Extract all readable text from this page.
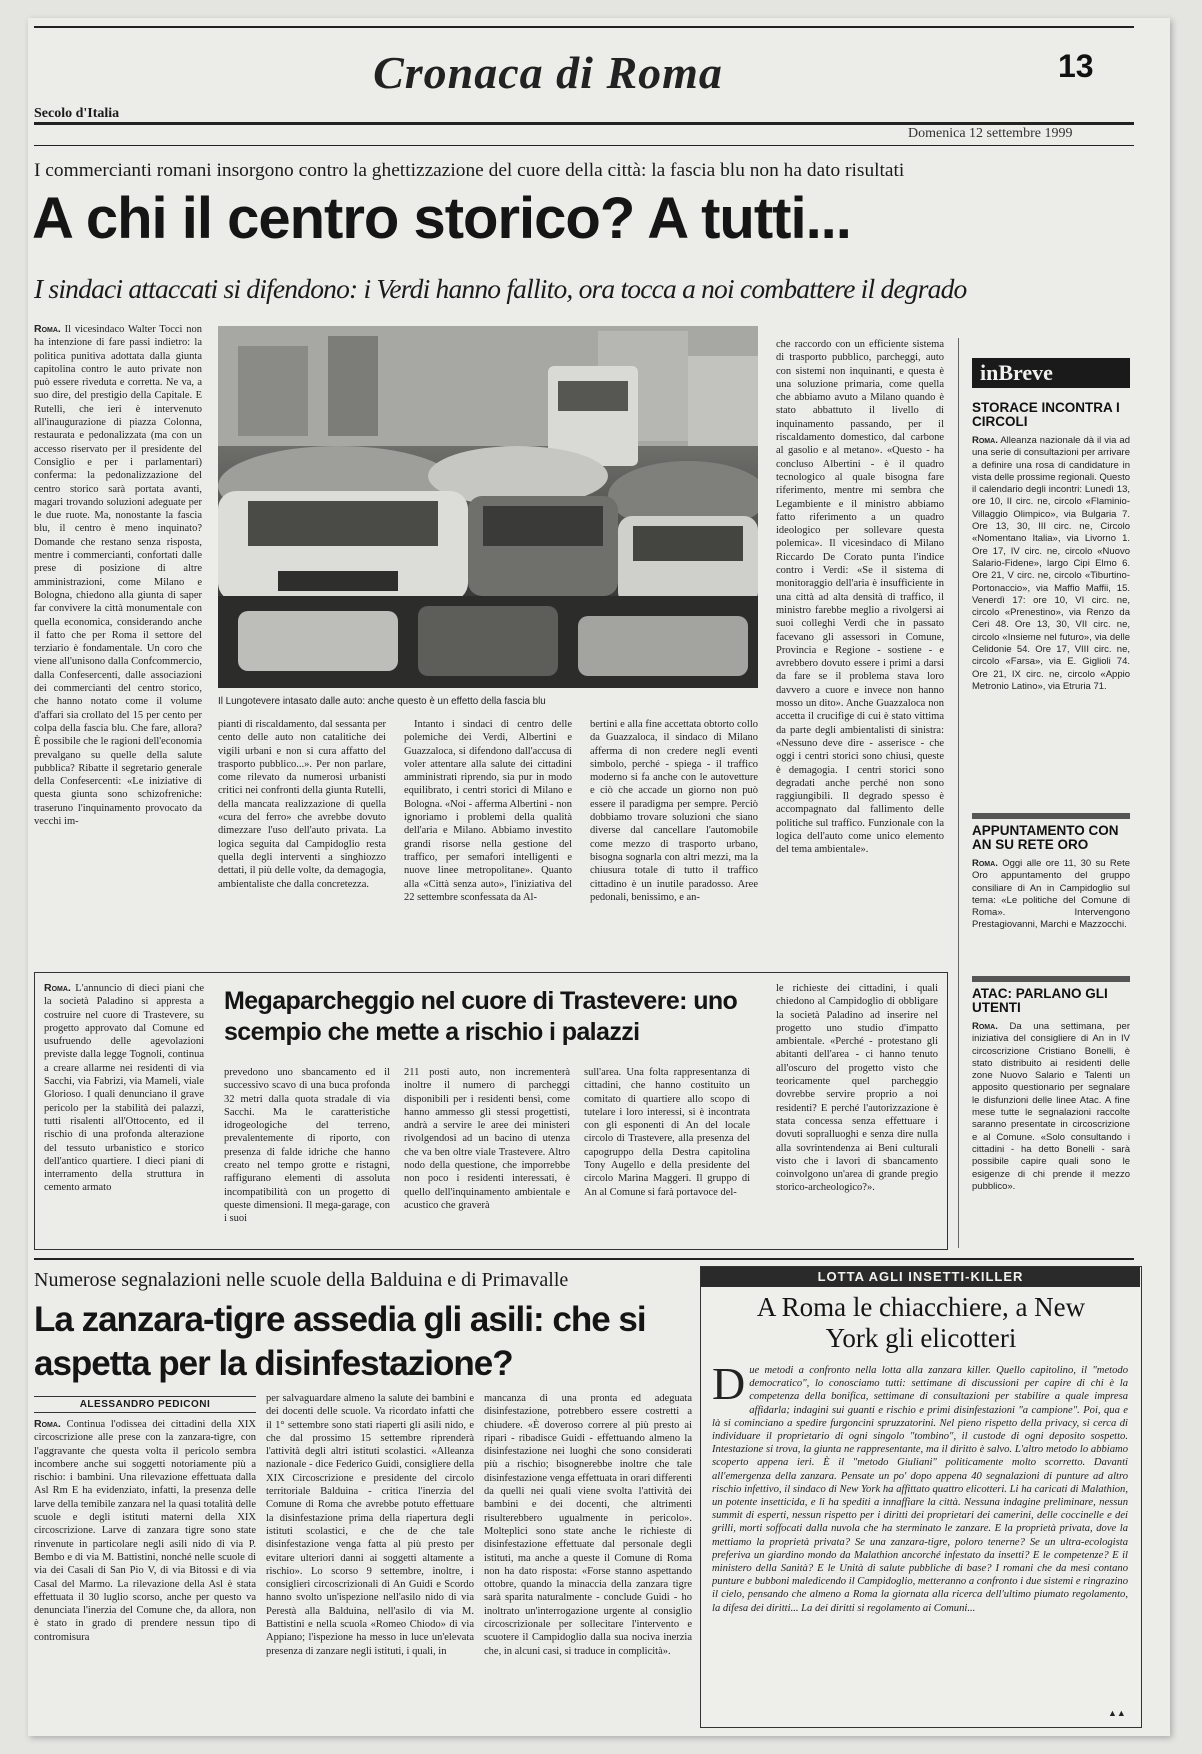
Cronaca di Roma	13
Secolo d'Italia
Domenica 12 settembre 1999
I commercianti romani insorgono contro la ghettizzazione del cuore della città: la fascia blu non ha dato risultati
A chi il centro storico? A tutti...
I sindaci attaccati si difendono: i Verdi hanno fallito, ora tocca a noi combattere il degrado

Roma. Il vicesindaco Walter Tocci non ha intenzione di fare passi indietro: la politica punitiva adottata dalla giunta capitolina contro le auto private non può essere rivedutа e corretta. Ne va, a suo dire, del prestigio della Capitale. E Rutelli, che ieri è intervenuto all'inaugurazione di piazza Colonna, restaurata e pedonalizzata (ma con un accesso riservato per il presidente del Consiglio e per i parlamentari) conferma: la pedonalizzazione del centro storico sarà portata avanti, magari trovando soluzioni adeguate per le due ruote. Ma, nonostante la fascia blu, il centro è meno inquinato? Domande che restano senza risposta, mentre i commercianti, confortati dalle prese di posizione di altre amministrazioni, come Milano e Bologna, chiedono alla giunta di saper far convivere la città monumentale con quella economica, considerando anche il fatto che per Roma il settore del terziario è fondamentale. Un coro che viene all'unisono dalla Confcommercio, dalla Confesercenti, dalle associazioni dei commercianti del centro storico, che hanno notato come il volume d'affari sia crollato del 15 per cento per colpa della fascia blu. Che fare, allora? È possibile che le ragioni dell'economia prevalgano su quelle della salute pubblica? Ribatte il segretario generale della Confesercenti: «Le iniziative di questa giunta sono schizofreniche: traseruno l'inquinamento provocato da vecchi im-

Il Lungotevere intasato dalle auto: anche questo è un effetto della fascia blu

pianti di riscaldamento, dal sessanta per cento delle auto non catalitiche dei vigili urbani e non si cura affatto del trasporto pubblico...». Per non parlare, come rilevato da numerosi urbanisti critici nei confronti della giunta Rutelli, della mancata realizzazione di quella «cura del ferro» che avrebbe dovuto dimezzare l'uso dell'auto privata. La logica seguita dal Campidoglio resta quella degli interventi a singhiozzo dettati, il più delle volte, da demagogia, ambientaliste che dalla concretezza.

Intanto i sindaci di centro delle polemiche dei Verdi, Albertini e Guazzaloca, si difendono dall'accusa di voler attentare alla salute dei cittadini amministrati riprendo, sia pur in modo equilibrato, i centri storici di Milano e Bologna. «Noi - afferma Albertini - non ignoriamo i problemi della qualità dell'aria e Milano. Abbiamo investito grandi risorse nella gestione del traffico, per semafori intelligenti e nuove linee metropolitane». Quanto alla «Città senza auto», l'iniziativa del 22 settembre sconfessata da Al-

bertini e alla fine accettata obtorto collo da Guazzaloca, il sindaco di Milano afferma di non credere negli eventi simbolo, perché - spiega - il traffico moderno si fa anche con le autovetture e ciò che accade un giorno non può essere il paradigma per sempre. Perciò dobbiamo trovare soluzioni che siano diverse dal cancellare l'automobile come mezzo di trasporto urbano, bisogna sognarla con altri mezzi, ma la chiusura totale di tutto il traffico cittadino è un inutile paradosso. Aree pedonali, benissimo, e an-

che raccordo con un efficiente sistema di trasporto pubblico, parcheggi, auto con sistemi non inquinanti, e questa è una soluzione primaria, come quella che abbiamo avuto a Milano quando è stato abbattuto il livello di inquinamento passando, per il riscaldamento domestico, dal carbone al gasolio e al metano». «Questo - ha concluso Albertini - è il quadro tecnologico al quale bisogna fare riferimento, mentre mi sembra che Legambiente e il ministro abbiamo fatto riferimento a un quadro ideologico per sollevare questa polemica». Il vicesindaco di Milano Riccardo De Corato punta l'indice contro i Verdi: «Se il sistema di monitoraggio dell'aria è insufficiente in una città ad alta densità di traffico, il ministro farebbe meglio a rivolgersi ai suoi colleghi Verdi che in passato facevano gli assessori in Comune, Provincia e Regione - sostiene - e avrebbero dovuto essere i primi a darsi da fare se il problema stava loro davvero a cuore e invece non hanno mosso un dito». Anche Guazzaloca non accetta il crucifige di cui è stato vittima da parte degli ambientalisti di sinistra: «Nessuno deve dire - asserisce - che oggi i centri storici sono chiusi, queste è demagogia. I centri storici sono degradati anche perché non sono raggiungibili. Il degrado spesso è accompagnato dal fallimento delle politiche sul traffico. Funzionale con la logica dell'auto come unico elemento del tema ambientale».

inBreve
STORACE INCONTRA I CIRCOLI
Roma. Alleanza nazionale dà il via ad una serie di consultazioni per arrivare a definire una rosa di candidature in vista delle prossime regionali. Questo il calendario degli incontri: Lunedì 13, ore 10, II circ. ne, circolo «Flaminio-Villaggio Olimpico», via Bulgaria 7. Ore 13, 30, III circ. ne, Circolo «Nomentano Italia», via Livorno 1. Ore 17, IV circ. ne, circolo «Nuovo Salario-Fidene», largo Cipi Elmo 6. Ore 21, V circ. ne, circolo «Tiburtino-Portonaccio», via Maffio Maffii, 15. Venerdì 17: ore 10, VI circ. ne, circolo «Prenestino», via Renzo da Ceri 48. Ore 13, 30, VII circ. ne, circolo «Insieme nel futuro», via delle Celidonie 54. Ore 17, VIII circ. ne, circolo «Farsa», via E. Giglioli 74. Ore 21, IX circ. ne, circolo «Appio Metronio Latino», via Etruria 71.
APPUNTAMENTO CON AN SU RETE ORO
Roma. Oggi alle ore 11, 30 su Rete Oro appuntamento del gruppo consiliare di An in Campidoglio sul tema: «Le politiche del Comune di Roma». Intervengono Prestagiovanni, Marchi e Mazzocchi.
ATAC: PARLANO GLI UTENTI
Roma. Da una settimana, per iniziativa del consigliere di An in IV circoscrizione Cristiano Bonelli, è stato distribuito ai residenti delle zone Nuovo Salario e Talenti un apposito questionario per segnalare le disfunzioni delle linee Atac. A fine mese tutte le segnalazioni raccolte saranno presentate in circoscrizione e al Comune. «Solo consultando i cittadini - ha detto Bonelli - sarà possibile capire quali sono le esigenze di chi prende il mezzo pubblico».

Roma. L'annuncio di dieci piani che la società Paladino si appresta a costruire nel cuore di Trastevere, su progetto approvato dal Comune ed usufruendo delle agevolazioni previste dalla legge Tognoli, continua a creare allarme nei residenti di via Sacchi, via Fabrizi, via Mameli, viale Glorioso. I quali denunciano il grave pericolo per la stabilità dei palazzi, tutti risalenti all'Ottocento, ed il rischio di una profonda alterazione del tessuto urbanistico e storico dell'antico quartiere. I dieci piani di interramento della struttura in cemento armato

Megaparcheggio nel cuore di Trastevere: uno scempio che mette a rischio i palazzi

prevedono uno sbancamento ed il successivo scavo di una buca profonda 32 metri dalla quota stradale di via Sacchi. Ma le caratteristiche idrogeologiche del terreno, prevalentemente di riporto, con presenza di falde idriche che hanno creato nel tempo grotte e ristagni, raffigurano elementi di assoluta incompatibilità con un progetto di queste dimensioni. Il mega-garage, con i suoi

211 posti auto, non incrementerà inoltre il numero di parcheggi disponibili per i residenti bensì, come hanno ammesso gli stessi progettisti, andrà a servire le aree dei ministeri rivolgendosi ad un bacino di utenza che va ben oltre viale Trastevere. Altro nodo della questione, che imporrebbe non poco i residenti interessati, è quello dell'inquinamento ambientale e acustico che graverà

sull'area. Una folta rappresentanza di cittadini, che hanno costituito un comitato di quartiere allo scopo di tutelare i loro interessi, si è incontrata con gli esponenti di An del locale circolo di Trastevere, alla presenza del capogruppo della Destra capitolina Tony Augello e della presidente del circolo Marina Maggeri. Il gruppo di An al Comune si farà portavoce del-

le richieste dei cittadini, i quali chiedono al Campidoglio di obbligare la società Paladino ad inserire nel progetto uno studio d'impatto ambientale. «Perché - protestano gli abitanti dell'area - ci hanno tenuto all'oscuro del progetto visto che teoricamente quel parcheggio dovrebbe servire proprio a noi residenti? E perché l'autorizzazione è stata concessa senza effettuare i dovuti sopralluoghi e senza dire nulla alla sovrintendenza ai Beni culturali visto che i lavori di sbancamento coinvolgono un'area di grande pregio storico-archeologico?».

Numerose segnalazioni nelle scuole della Balduina e di Primavalle
La zanzara-tigre assedia gli asili: che si aspetta per la disinfestazione?
ALESSANDRO PEDICONI

Roma. Continua l'odissea dei cittadini della XIX circoscrizione alle prese con la zanzara-tigre, con l'aggravante che questa volta il pericolo sembra incombere anche sui soggetti notoriamente più a rischio: i bambini. Una rilevazione effettuata dalla Asl Rm E ha evidenziato, infatti, la presenza delle larve della temibile zanzara nel la quasi totalità delle scuole e degli istituti materni della XIX circoscrizione. Larve di zanzara tigre sono state rinvenute in particolare negli asili nido di via P. Bembo e di via M. Battistini, nonché nelle scuole di via dei Casali di San Pio V, di via Bitossi e di via Casal del Marmo. La rilevazione della Asl è stata effettuata il 30 luglio scorso, anche per questo va denunciata l'inerzia del Comune che, da allora, non è stato in grado di prendere nessun tipo di contromisura

per salvaguardare almeno la salute dei bambini e dei docenti delle scuole. Va ricordato infatti che il 1° settembre sono stati riaperti gli asili nido, e che dal prossimo 15 settembre riprenderà l'attività degli altri istituti scolastici. «Alleanza nazionale - dice Federico Guidi, consigliere della XIX Circoscrizione e presidente del circolo territoriale Balduina - critica l'inerzia del Comune di Roma che avrebbe potuto effettuare la disinfestazione prima della riapertura degli istituti scolastici, e che de che tale disinfestazione venga fatta al più presto per evitare ulteriori danni ai soggetti altamente a rischio». Lo scorso 9 settembre, inoltre, i consiglieri circoscrizionali di An Guidi e Scordo hanno svolto un'ispezione nell'asilo nido di via Perestà alla Balduina, nell'asilo di via M. Battistini e nella scuola «Romeo Chiodo» di via Appiano; l'ispezione ha messo in luce un'elevata presenza di zanzare negli istituti, i quali, in

mancanza di una pronta ed adeguata disinfestazione, potrebbero essere costretti a chiudere. «È doveroso correre al più presto ai ripari - ribadisce Guidi - effettuando almeno la disinfestazione nei luoghi che sono considerati più a rischio; bisognerebbe inoltre che tale disinfestazione venga effettuata in orari differenti da quelli nei quali viene svolta l'attività dei bambini e dei docenti, che altrimenti risulterebbero ugualmente in pericolo». Molteplici sono state anche le richieste di disinfestazione effettuate dal personale degli istituti, ma anche a queste il Comune di Roma non ha dato risposta: «Forse stanno aspettando ottobre, quando la minaccia della zanzara tigre sarà sparita naturalmente - conclude Guidi - ho inoltrato un'interrogazione urgente al consiglio circoscrizionale per sollecitare l'intervento e scuotere il Campidoglio dalla sua nociva inerzia che, in alcuni casi, si traduce in complicità».

LOTTA AGLI INSETTI-KILLER
A Roma le chiacchiere, a New York gli elicotteri
D ue metodi a confronto nella lotta alla zanzara killer. Quello capitolino, il "metodo democratico", lo conosciamo tutti: settimane di discussioni per capire di chi è la competenza della bonifica, settimane di consultazioni per stabilire a quale impresa affidarla; indagini sui guanti e rischio e primi disinfestazioni "a campione". Poi, qua e là si cominciano a spedire furgoncini spruzzatorini. Nel pieno rispetto della privacy, si cerca di individuare il proprietario di ogni singolo "tombino", il custode di ogni deposito sospetto. Intestazione si trova, la giunta ne rappresentante, ma il diritto è salvo. L'altro metodo lo abbiamo scoperto appena ieri. È il "metodo Giuliani" politicamente molto scorretto. Davanti all'emergenza della zanzara. Pensate un po' dopo appena 40 segnalazioni di punture ad altro rischio infettivo, il sindaco di New York ha affittato quattro elicotteri. Li ha caricati di Malathion, un potente insetticida, e li ha spediti a innaffiare la città. Nessuna indagine preliminare, nessun summit di esperti, nessun rispetto per i diritti dei proprietari dei camerini, delle coccinelle e dei grilli, morti soffocati dalla nuvola che ha sterminato le zanzare. E la proprietà privata, dove la mettiamo la proprietà privata? Se una zanzara-tigre, poloro tenerne? Se un ultra-ecologista preferiva un giardino mondo da Malathion ancorché infestato da insetti? E le competenze? E il ministero della Sanità? E le Unità di salute pubbliche di base? I romani che da mesi contano punture e bubboni maledicendo il Campidoglio, metteranno a confronto i due sistemi e ringrazino il cielo, pensando che almeno a Roma la giornata alla ricerca dell'ultimo piumato regolamento, la difesa dei diritti... La dei diritti si regolamento ai Comuni...
▲▲
